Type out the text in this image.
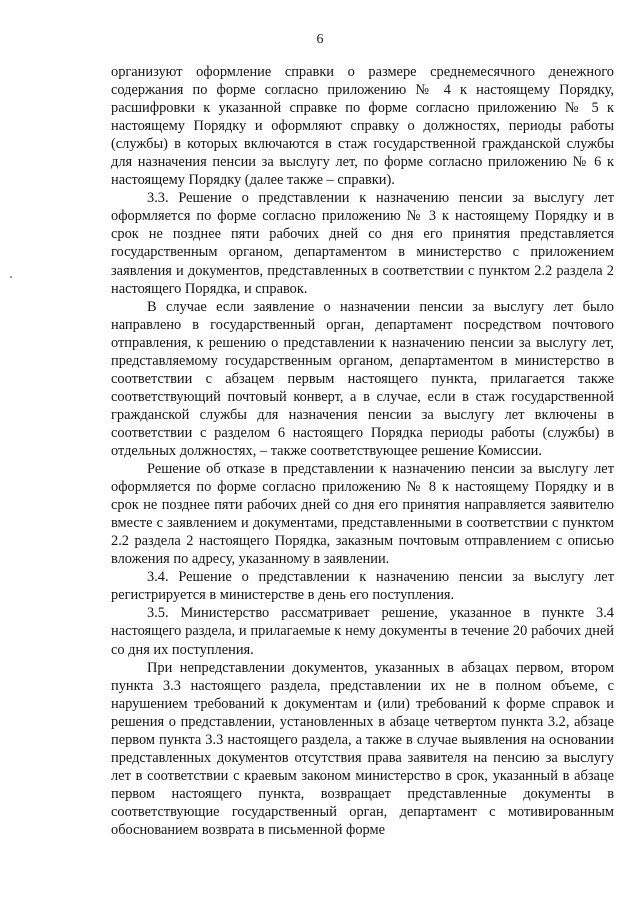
6

организуют оформление справки о размере среднемесячного денежного содержания по форме согласно приложению № 4 к настоящему Порядку, расшифровки к указанной справке по форме согласно приложению № 5 к настоящему Порядку и оформляют справку о должностях, периоды работы (службы) в которых включаются в стаж государственной гражданской службы для назначения пенсии за выслугу лет, по форме согласно приложению № 6 к настоящему Порядку (далее также – справки).

3.3. Решение о представлении к назначению пенсии за выслугу лет оформляется по форме согласно приложению № 3 к настоящему Порядку и в срок не позднее пяти рабочих дней со дня его принятия представляется государственным органом, департаментом в министерство с приложением заявления и документов, представленных в соответствии с пунктом 2.2 раздела 2 настоящего Порядка, и справок.

В случае если заявление о назначении пенсии за выслугу лет было направлено в государственный орган, департамент посредством почтового отправления, к решению о представлении к назначению пенсии за выслугу лет, представляемому государственным органом, департаментом в министерство в соответствии с абзацем первым настоящего пункта, прилагается также соответствующий почтовый конверт, а в случае, если в стаж государственной гражданской службы для назначения пенсии за выслугу лет включены в соответствии с разделом 6 настоящего Порядка периоды работы (службы) в отдельных должностях, – также соответствующее решение Комиссии.

Решение об отказе в представлении к назначению пенсии за выслугу лет оформляется по форме согласно приложению № 8 к настоящему Порядку и в срок не позднее пяти рабочих дней со дня его принятия направляется заявителю вместе с заявлением и документами, представленными в соответствии с пунктом 2.2 раздела 2 настоящего Порядка, заказным почтовым отправлением с описью вложения по адресу, указанному в заявлении.

3.4. Решение о представлении к назначению пенсии за выслугу лет регистрируется в министерстве в день его поступления.

3.5. Министерство рассматривает решение, указанное в пункте 3.4 настоящего раздела, и прилагаемые к нему документы в течение 20 рабочих дней со дня их поступления.

При непредставлении документов, указанных в абзацах первом, втором пункта 3.3 настоящего раздела, представлении их не в полном объеме, с нарушением требований к документам и (или) требований к форме справок и решения о представлении, установленных в абзаце четвертом пункта 3.2, абзаце первом пункта 3.3 настоящего раздела, а также в случае выявления на основании представленных документов отсутствия права заявителя на пенсию за выслугу лет в соответствии с краевым законом министерство в срок, указанный в абзаце первом настоящего пункта, возвращает представленные документы в соответствующие государственный орган, департамент с мотивированным обоснованием возврата в письменной форме
